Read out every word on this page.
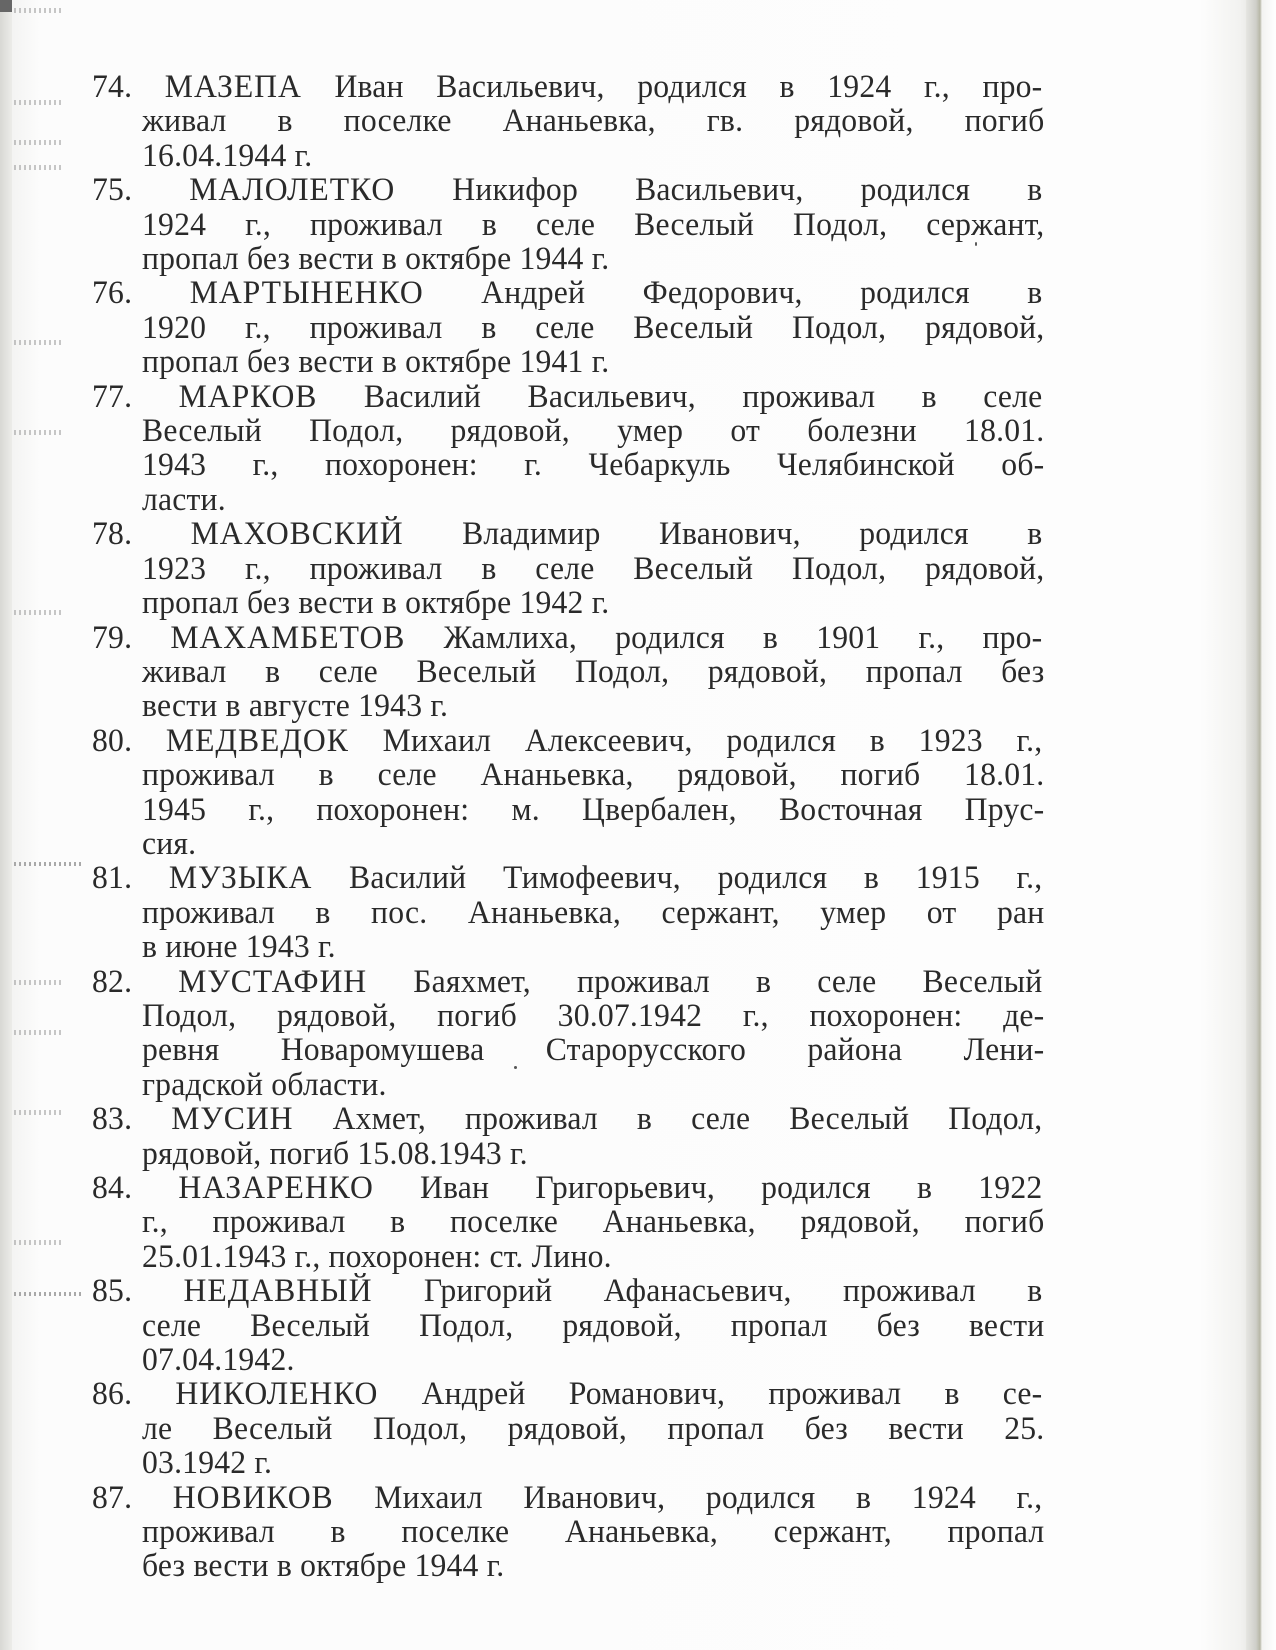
74. МАЗЕПА Иван Васильевич, родился в 1924 г., про-
живал в поселке Ананьевка, гв. рядовой, погиб
16.04.1944 г.
75. МАЛОЛЕТКО Никифор Васильевич, родился в
1924 г., проживал в селе Веселый Подол, сержант,
пропал без вести в октябре 1944 г.
76. МАРТЫНЕНКО Андрей Федорович, родился в
1920 г., проживал в селе Веселый Подол, рядовой,
пропал без вести в октябре 1941 г.
77. МАРКОВ Василий Васильевич, проживал в селе
Веселый Подол, рядовой, умер от болезни 18.01.
1943 г., похоронен: г. Чебаркуль Челябинской об-
ласти.
78. МАХОВСКИЙ Владимир Иванович, родился в
1923 г., проживал в селе Веселый Подол, рядовой,
пропал без вести в октябре 1942 г.
79. МАХАМБЕТОВ Жамлиха, родился в 1901 г., про-
живал в селе Веселый Подол, рядовой, пропал без
вести в августе 1943 г.
80. МЕДВЕДОК Михаил Алексеевич, родился в 1923 г.,
проживал в селе Ананьевка, рядовой, погиб 18.01.
1945 г., похоронен: м. Цвербален, Восточная Прус-
сия.
81. МУЗЫКА Василий Тимофеевич, родился в 1915 г.,
проживал в пос. Ананьевка, сержант, умер от ран
в июне 1943 г.
82. МУСТАФИН Баяхмет, проживал в селе Веселый
Подол, рядовой, погиб 30.07.1942 г., похоронен: де-
ревня Новаромушева Старорусского района Лени-
градской области.
83. МУСИН Ахмет, проживал в селе Веселый Подол,
рядовой, погиб 15.08.1943 г.
84. НАЗАРЕНКО Иван Григорьевич, родился в 1922
г., проживал в поселке Ананьевка, рядовой, погиб
25.01.1943 г., похоронен: ст. Лино.
85. НЕДАВНЫЙ Григорий Афанасьевич, проживал в
селе Веселый Подол, рядовой, пропал без вести
07.04.1942.
86. НИКОЛЕНКО Андрей Романович, проживал в се-
ле Веселый Подол, рядовой, пропал без вести 25.
03.1942 г.
87. НОВИКОВ Михаил Иванович, родился в 1924 г.,
проживал в поселке Ананьевка, сержант, пропал
без вести в октябре 1944 г.
